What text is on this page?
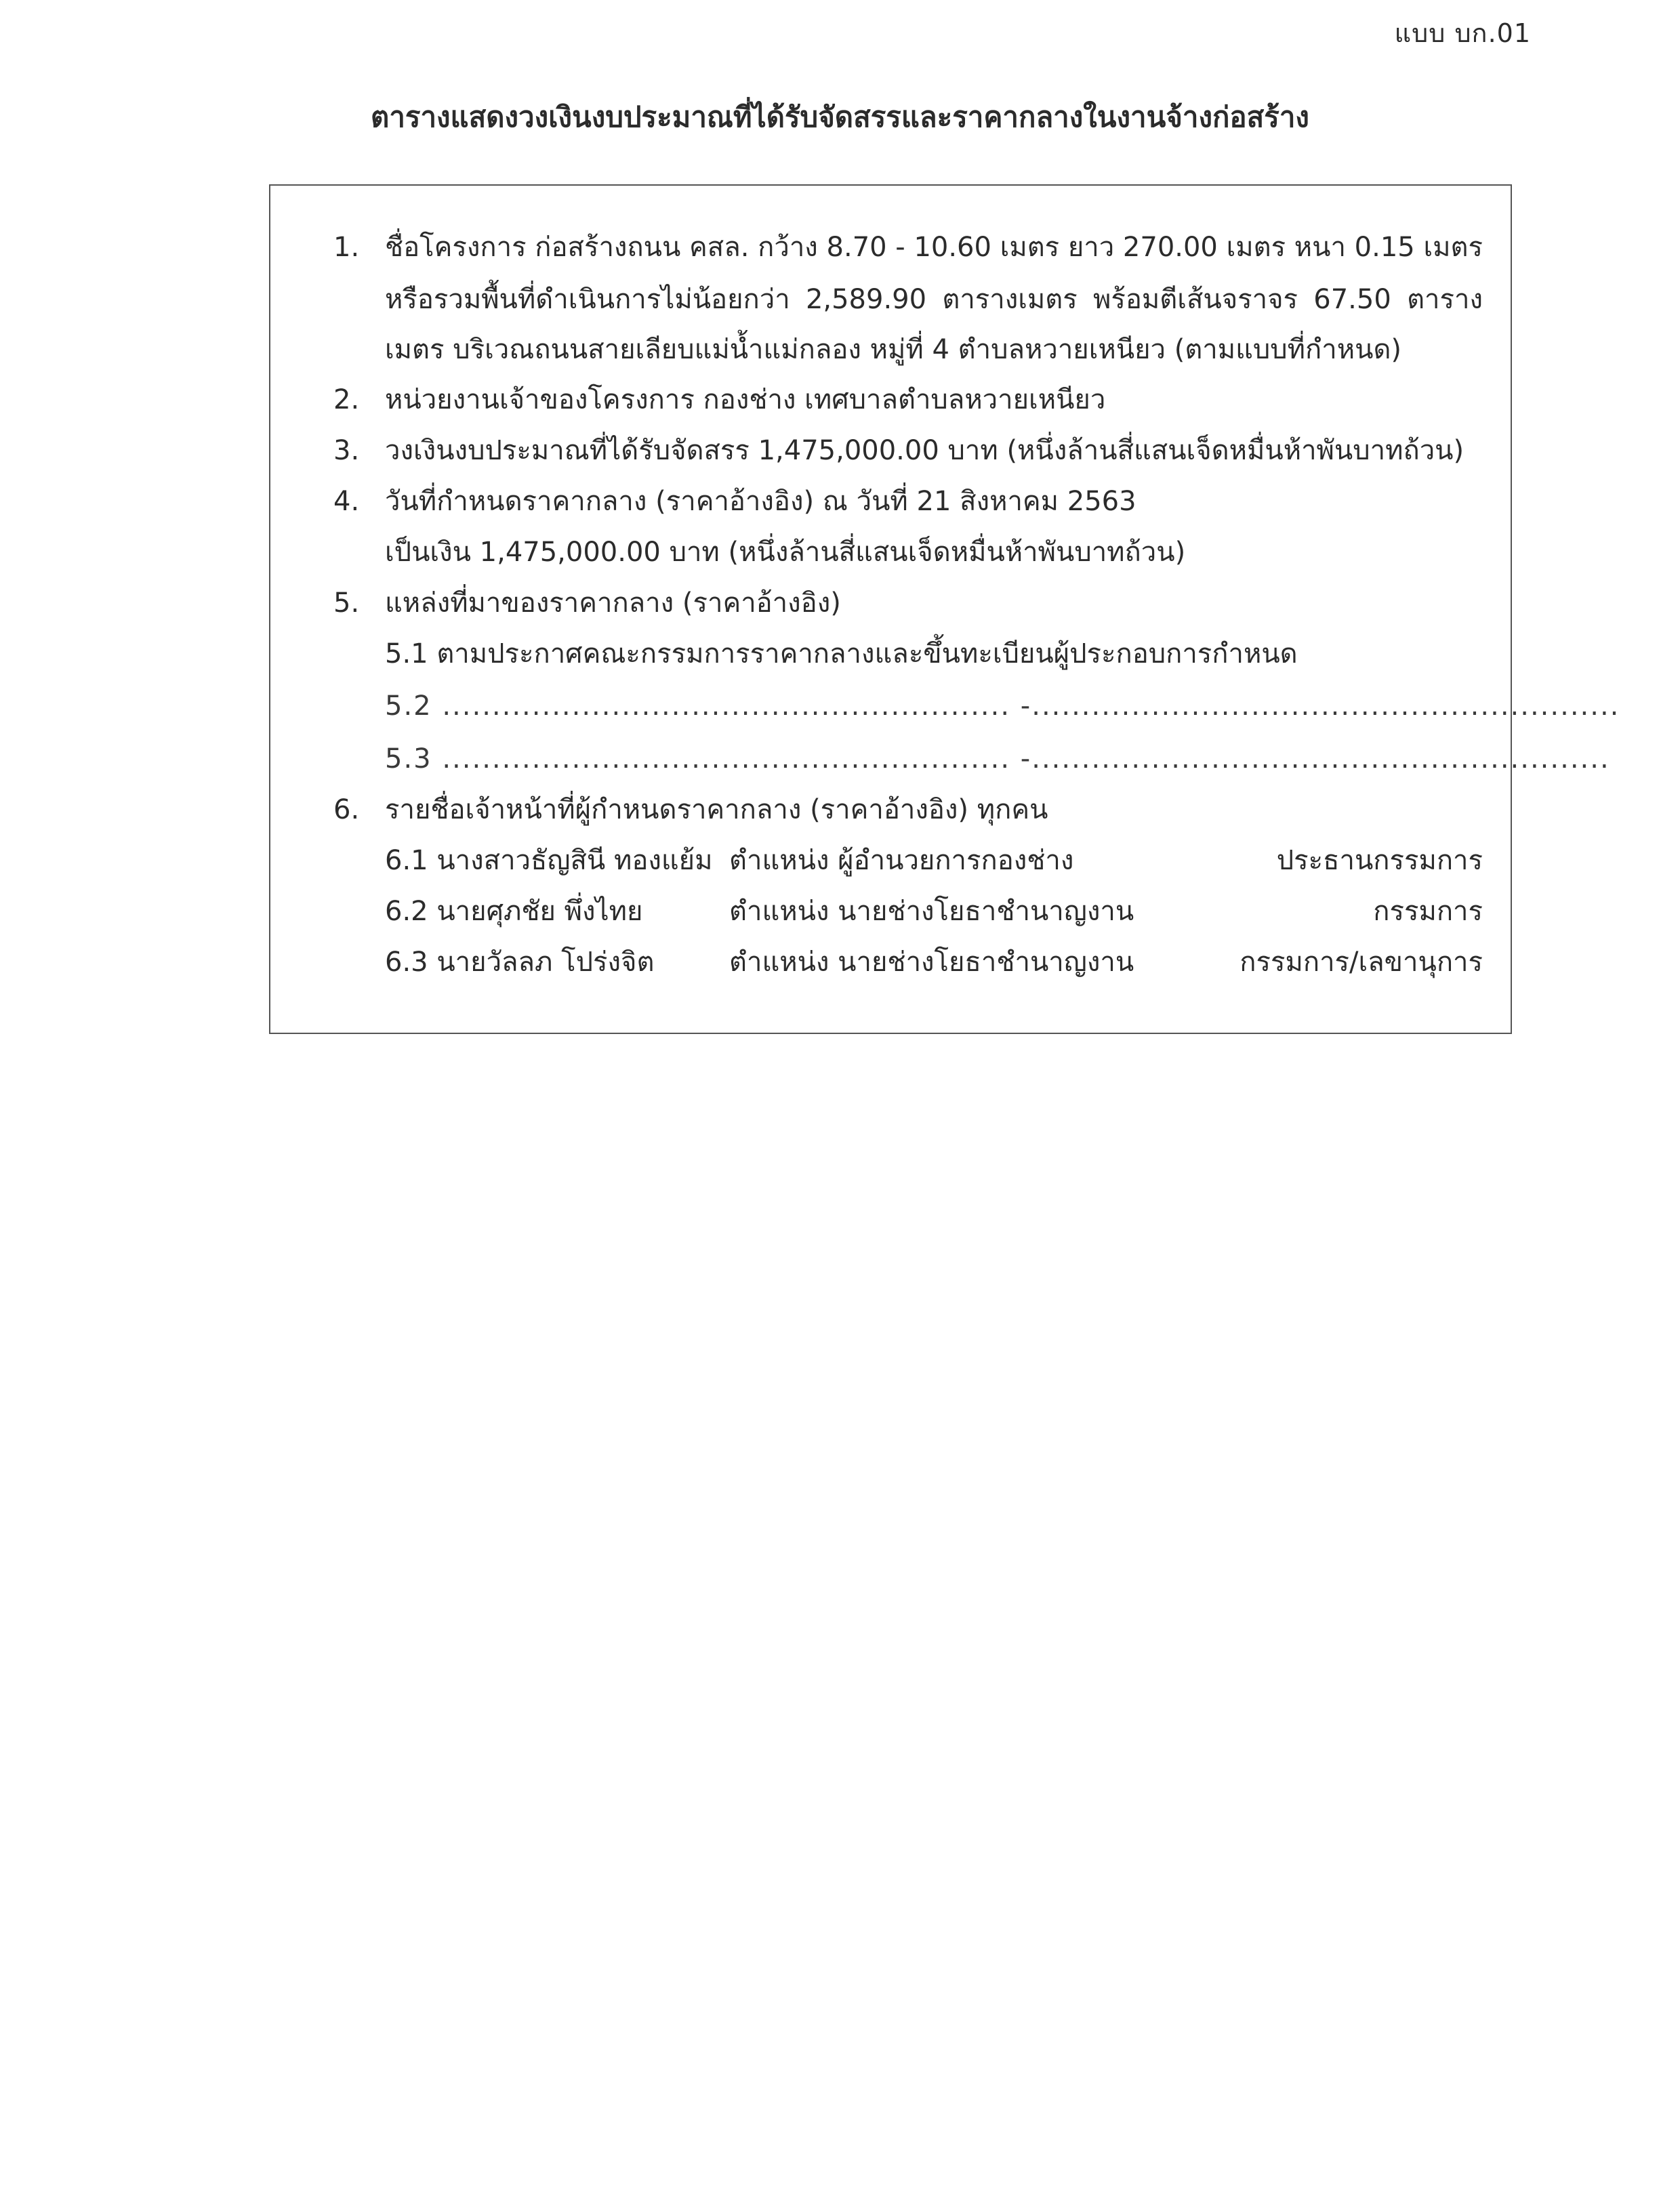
แบบ บก.01
ตารางแสดงวงเงินงบประมาณที่ได้รับจัดสรรและราคากลางในงานจ้างก่อสร้าง
1. ชื่อโครงการ ก่อสร้างถนน คสล. กว้าง 8.70 - 10.60 เมตร ยาว 270.00 เมตร หนา 0.15 เมตร
หรือรวมพื้นที่ดำเนินการไม่น้อยกว่า 2,589.90 ตารางเมตร พร้อมตีเส้นจราจร 67.50 ตาราง
เมตร บริเวณถนนสายเลียบแม่น้ำแม่กลอง หมู่ที่ 4 ตำบลหวายเหนียว (ตามแบบที่กำหนด)
2. หน่วยงานเจ้าของโครงการ กองช่าง เทศบาลตำบลหวายเหนียว
3. วงเงินงบประมาณที่ได้รับจัดสรร 1,475,000.00 บาท (หนึ่งล้านสี่แสนเจ็ดหมื่นห้าพันบาทถ้วน)
4. วันที่กำหนดราคากลาง (ราคาอ้างอิง) ณ วันที่ 21 สิงหาคม 2563
เป็นเงิน 1,475,000.00 บาท (หนึ่งล้านสี่แสนเจ็ดหมื่นห้าพันบาทถ้วน)
5. แหล่งที่มาของราคากลาง (ราคาอ้างอิง)
5.1 ตามประกาศคณะกรรมการราคากลางและขึ้นทะเบียนผู้ประกอบการกำหนด
5.2 ......................................................... -...........................................................
5.3 ......................................................... -..........................................................
6. รายชื่อเจ้าหน้าที่ผู้กำหนดราคากลาง (ราคาอ้างอิง) ทุกคน
6.1 นางสาวธัญสินี ทองแย้ม ตำแหน่ง ผู้อำนวยการกองช่าง	ประธานกรรมการ
6.2 นายศุภชัย พึ่งไทย	ตำแหน่ง นายช่างโยธาชำนาญงาน	กรรมการ
6.3 นายวัลลภ โปร่งจิต	ตำแหน่ง นายช่างโยธาชำนาญงาน	กรรมการ/เลขานุการ
